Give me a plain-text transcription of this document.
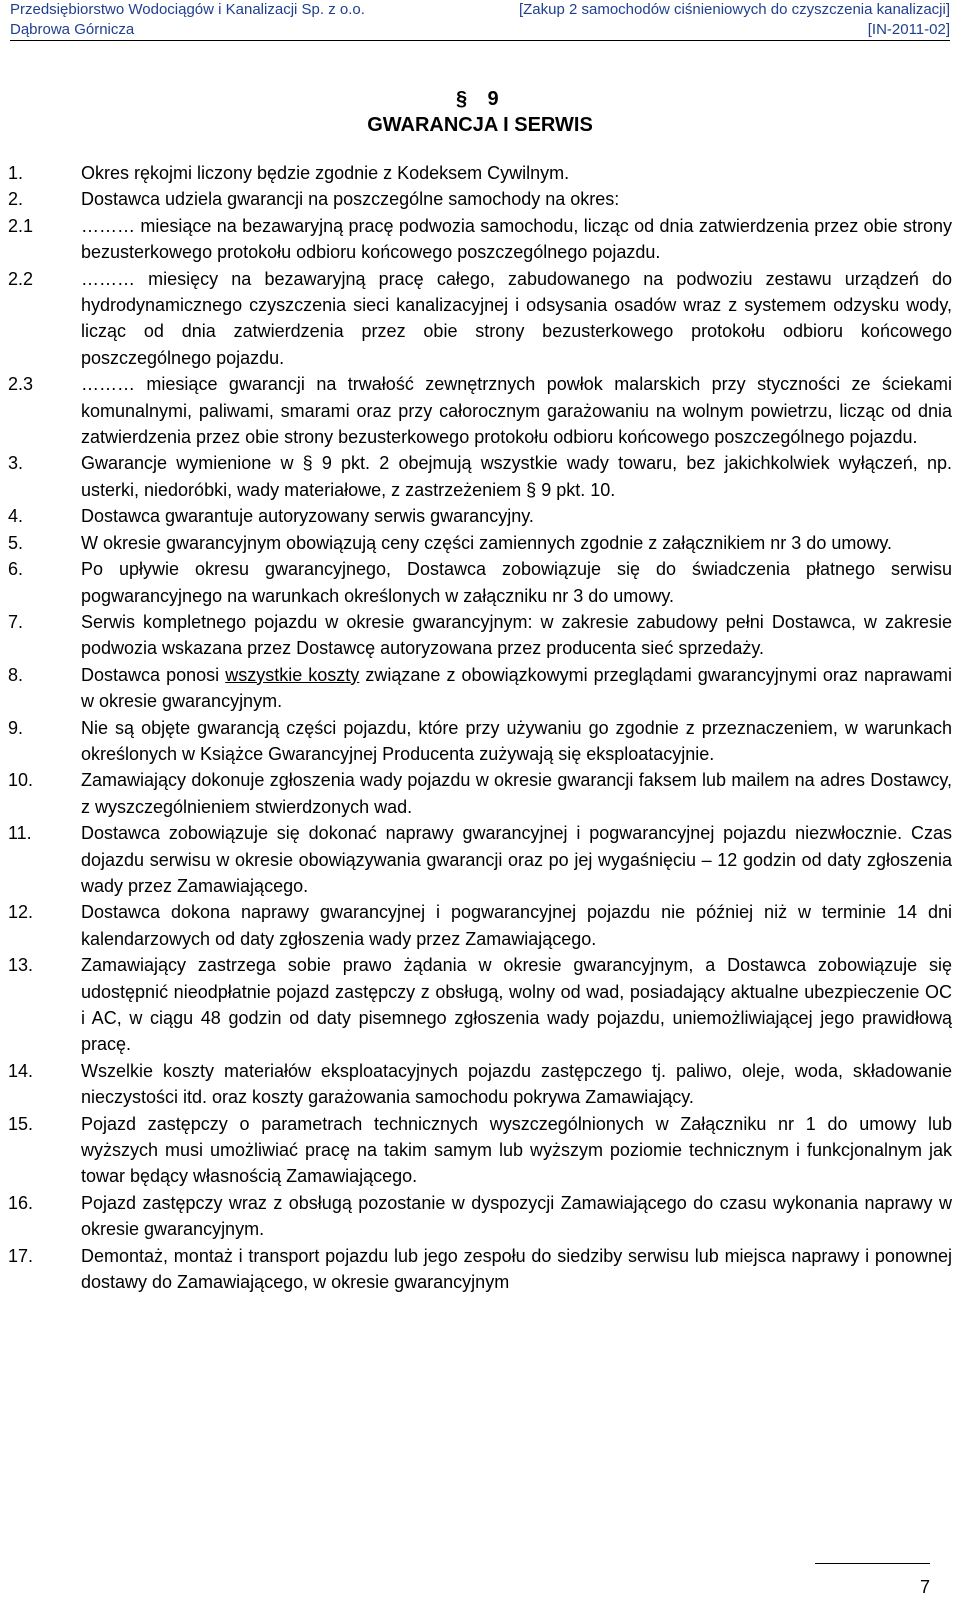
Przedsiębiorstwo Wodociągów i Kanalizacji Sp. z o.o.
Dąbrowa Górnicza
[Zakup 2 samochodów ciśnieniowych do czyszczenia kanalizacji]
[IN-2011-02]
§	9
GWARANCJA I SERWIS
1.	Okres rękojmi liczony będzie zgodnie z Kodeksem Cywilnym.
2.	Dostawca udziela gwarancji na poszczególne samochody na okres:
2.1	……… miesiące na bezawaryjną pracę podwozia samochodu, licząc od dnia zatwierdzenia przez obie strony bezusterkowego protokołu odbioru końcowego poszczególnego pojazdu.
2.2	……… miesięcy na bezawaryjną pracę całego, zabudowanego na podwoziu zestawu urządzeń do hydrodynamicznego czyszczenia sieci kanalizacyjnej i odsysania osadów wraz z systemem odzysku wody, licząc od dnia zatwierdzenia przez obie strony bezusterkowego protokołu odbioru końcowego poszczególnego pojazdu.
2.3	……… miesiące gwarancji na trwałość zewnętrznych powłok malarskich przy styczności ze ściekami komunalnymi, paliwami, smarami oraz przy całorocznym garażowaniu na wolnym powietrzu, licząc od dnia zatwierdzenia przez obie strony bezusterkowego protokołu odbioru końcowego poszczególnego pojazdu.
3.	Gwarancje wymienione w § 9 pkt. 2 obejmują wszystkie wady towaru, bez jakichkolwiek wyłączeń, np. usterki, niedoróbki, wady materiałowe, z zastrzeżeniem § 9 pkt. 10.
4.	Dostawca gwarantuje autoryzowany serwis gwarancyjny.
5.	W okresie gwarancyjnym obowiązują ceny części zamiennych zgodnie z załącznikiem nr 3 do umowy.
6.	Po upływie okresu gwarancyjnego, Dostawca zobowiązuje się do świadczenia płatnego serwisu pogwarancyjnego na warunkach określonych w załączniku nr 3 do umowy.
7.	Serwis kompletnego pojazdu w okresie gwarancyjnym: w zakresie zabudowy pełni Dostawca, w zakresie podwozia wskazana przez Dostawcę autoryzowana przez producenta sieć sprzedaży.
8.	Dostawca ponosi wszystkie koszty związane z obowiązkowymi przeglądami gwarancyjnymi oraz naprawami w okresie gwarancyjnym.
9.	Nie są objęte gwarancją części pojazdu, które przy używaniu go zgodnie z przeznaczeniem, w warunkach określonych w Książce Gwarancyjnej Producenta zużywają się eksploatacyjnie.
10.	Zamawiający dokonuje zgłoszenia wady pojazdu w okresie gwarancji faksem lub mailem na adres Dostawcy, z wyszczególnieniem stwierdzonych wad.
11.	Dostawca zobowiązuje się dokonać naprawy gwarancyjnej i pogwarancyjnej pojazdu niezwłocznie. Czas dojazdu serwisu w okresie obowiązywania gwarancji oraz po jej wygaśnięciu – 12 godzin od daty zgłoszenia wady przez Zamawiającego.
12.	Dostawca dokona naprawy gwarancyjnej i pogwarancyjnej pojazdu nie później niż w terminie 14 dni kalendarzowych od daty zgłoszenia wady przez Zamawiającego.
13.	Zamawiający zastrzega sobie prawo żądania w okresie gwarancyjnym, a Dostawca zobowiązuje się udostępnić nieodpłatnie pojazd zastępczy z obsługą, wolny od wad, posiadający aktualne ubezpieczenie OC i AC, w ciągu 48 godzin od daty pisemnego zgłoszenia wady pojazdu, uniemożliwiającej jego prawidłową pracę.
14.	Wszelkie koszty materiałów eksploatacyjnych pojazdu zastępczego tj. paliwo, oleje, woda, składowanie nieczystości itd. oraz koszty garażowania samochodu pokrywa Zamawiający.
15.	Pojazd zastępczy o parametrach technicznych wyszczególnionych w Załączniku nr 1 do umowy lub wyższych musi umożliwiać pracę na takim samym lub wyższym poziomie technicznym i funkcjonalnym jak towar będący własnością Zamawiającego.
16.	Pojazd zastępczy wraz z obsługą pozostanie w dyspozycji Zamawiającego do czasu wykonania naprawy w okresie gwarancyjnym.
17.	Demontaż, montaż i transport pojazdu lub jego zespołu do siedziby serwisu lub miejsca naprawy i ponownej dostawy do Zamawiającego, w okresie gwarancyjnym
7
